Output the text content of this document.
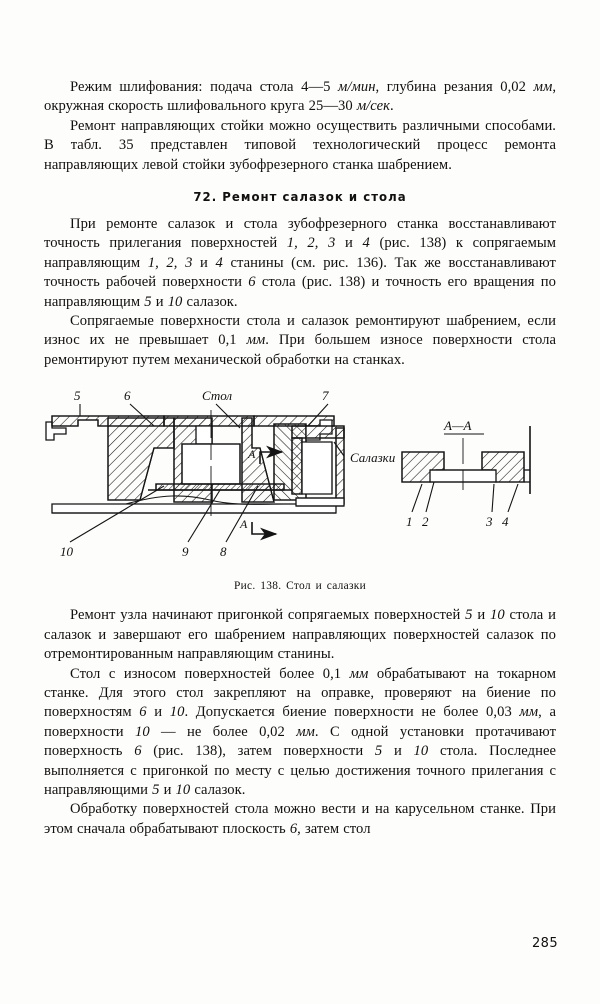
Режим шлифования: подача стола 4—5 м/мин, глубина резания 0,02 мм, окружная скорость шлифовального круга 25—30 м/сек.

Ремонт направляющих стойки можно осуществить различными способами. В табл. 35 представлен типовой технологический процесс ремонта направляющих левой стойки зубофрезерного станка шабрением.

72. Ремонт салазок и стола

При ремонте салазок и стола зубофрезерного станка восстанавливают точность прилегания поверхностей 1, 2, 3 и 4 (рис. 138) к сопрягаемым направляющим 1, 2, 3 и 4 станины (см. рис. 136). Так же восстанавливают точность рабочей поверхности 6 стола (рис. 138) и точность его вращения по направляющим 5 и 10 салазок.

Сопрягаемые поверхности стола и салазок ремонтируют шабрением, если износ их не превышает 0,1 мм. При большем износе поверхности стола ремонтируют путем механической обработки на станках.

5	6	Стол	7
Салазки
10	9 8
A
A
A—A
1 2	3 4
Рис. 138. Стол и салазки

Ремонт узла начинают пригонкой сопрягаемых поверхностей 5 и 10 стола и салазок и завершают его шабрением направляющих поверхностей салазок по отремонтированным направляющим станины.

Стол с износом поверхностей более 0,1 мм обрабатывают на токарном станке. Для этого стол закрепляют на оправке, проверяют на биение по поверхностям 6 и 10. Допускается биение поверхности не более 0,03 мм, а поверхности 10 — не более 0,02 мм. С одной установки протачивают поверхность 6 (рис. 138), затем поверхности 5 и 10 стола. Последнее выполняется с пригонкой по месту с целью достижения точного прилегания с направляющими 5 и 10 салазок.

Обработку поверхностей стола можно вести и на карусельном станке. При этом сначала обрабатывают плоскость 6, затем стол

285
